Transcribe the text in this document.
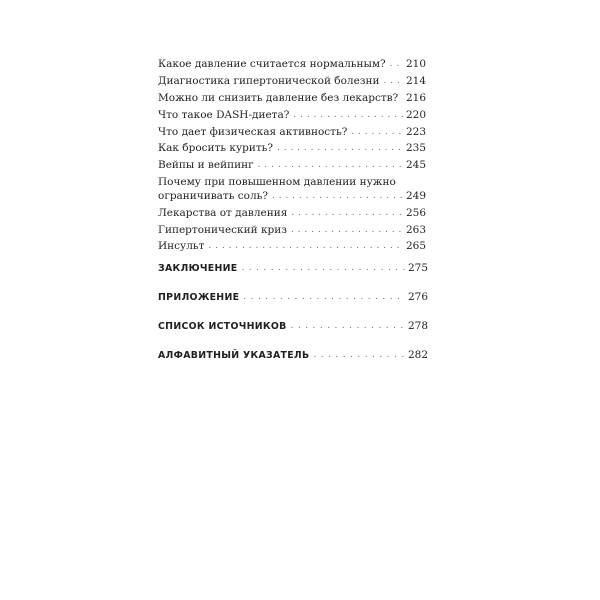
Какое давление считается нормальным? . . . 210
Диагностика гипертонической болезни . . .	214
Можно ли снизить давление без лекарств? . . . 216
Что такое DASH-диета? . . .	220
Что дает физическая активность? . . .	223
Как бросить курить? . . .	235
Вейпы и вейпинг . . .	245
Почему при повышенном давлении нужно
ограничивать соль? . . .	249
Лекарства от давления . . .	256
Гипертонический криз . . .	263
Инсульт . . .	265
ЗАКЛЮЧЕНИЕ . . .	275
ПРИЛОЖЕНИЕ . . .	276
СПИСОК ИСТОЧНИКОВ . . .	278
АЛФАВИТНЫЙ УКАЗАТЕЛЬ . . .	282
